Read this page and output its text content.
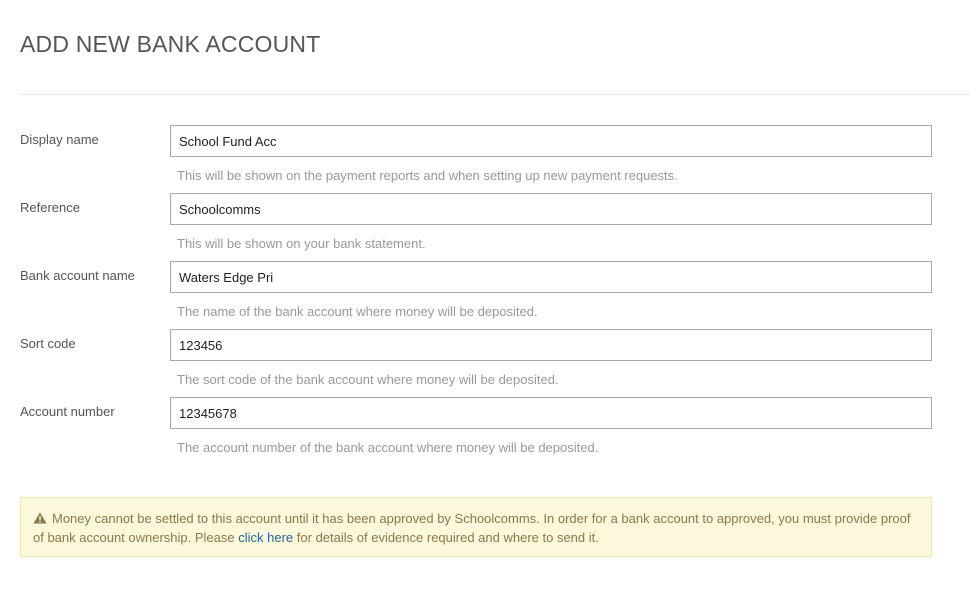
ADD NEW BANK ACCOUNT
Display name
School Fund Acc
This will be shown on the payment reports and when setting up new payment requests.
Reference
Schoolcomms
This will be shown on your bank statement.
Bank account name
Waters Edge Pri
The name of the bank account where money will be deposited.
Sort code
123456
The sort code of the bank account where money will be deposited.
Account number
12345678
The account number of the bank account where money will be deposited.
Money cannot be settled to this account until it has been approved by Schoolcomms. In order for a bank account to approved, you must provide proof of bank account ownership. Please click here for details of evidence required and where to send it.
